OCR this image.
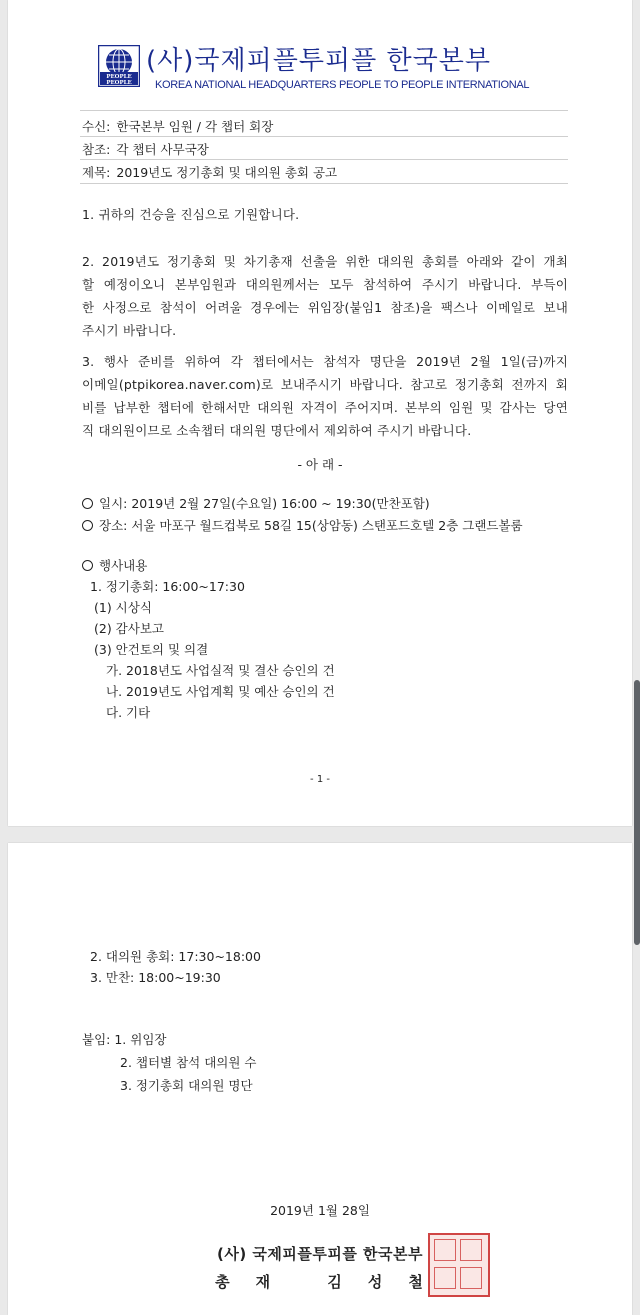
PEOPLE
PEOPLE
(사)국제피플투피플 한국본부
KOREA NATIONAL HEADQUARTERS PEOPLE TO PEOPLE INTERNATIONAL
수신: 한국본부 임원 / 각 챕터 회장
참조: 각 챕터 사무국장
제목: 2019년도 정기총회 및 대의원 총회 공고
1. 귀하의 건승을 진심으로 기원합니다.
2. 2019년도 정기총회 및 차기총재 선출을 위한 대의원 총회를 아래와 같이 개최
할 예정이오니 본부임원과 대의원께서는 모두 참석하여 주시기 바랍니다. 부득이
한 사정으로 참석이 어려울 경우에는 위임장(붙임1 참조)을 팩스나 이메일로 보내
주시기 바랍니다.
3. 행사 준비를 위하여 각 챕터에서는 참석자 명단을 2019년 2월 1일(금)까지
이메일(ptpikorea.naver.com)로 보내주시기 바랍니다. 참고로 정기총회 전까지 회
비를 납부한 챕터에 한해서만 대의원 자격이 주어지며. 본부의 임원 및 감사는 당연
직 대의원이므로 소속챕터 대의원 명단에서 제외하여 주시기 바랍니다.
- 아 래 -
일시: 2019년 2월 27일(수요일) 16:00 ~ 19:30(만찬포함)
장소: 서울 마포구 월드컵북로 58길 15(상암동) 스탠포드호텔 2층 그랜드볼룸
행사내용
1. 정기총회: 16:00~17:30
(1) 시상식
(2) 감사보고
(3) 안건토의 및 의결
가. 2018년도 사업실적 및 결산 승인의 건
나. 2019년도 사업계획 및 예산 승인의 건
다. 기타
- 1 -
2. 대의원 총회: 17:30~18:00
3. 만찬: 18:00~19:30
붙임: 1. 위임장
2. 챕터별 참석 대의원 수
3. 정기총회 대의원 명단
2019년 1월 28일
(사) 국제피플투피플 한국본부
총재 김성철
